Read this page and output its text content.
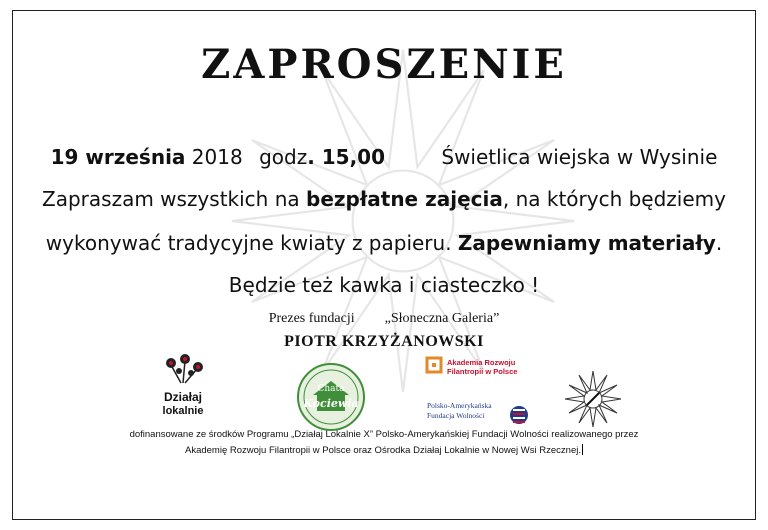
ZAPROSZENIE
19 września 2018 godz. 15,00	Świetlica wiejska w Wysinie
Zapraszam wszystkich na bezpłatne zajęcia, na których będziemy
wykonywać tradycyjne kwiaty z papieru. Zapewniamy materiały.
Będzie też kawka i ciasteczko !
Prezes fundacji „Słoneczna Galeria”
PIOTR KRZYŻANOWSKI
Działaj
lokalnie
Chata
Kociewia
Akademia Rozwoju
Filantropii w Polsce
Polsko-Amerykańska
Fundacja Wolności
dofinansowane ze środków Programu „Działaj Lokalnie X” Polsko-Amerykańskiej Fundacji Wolności realizowanego przez
Akademię Rozwoju Filantropii w Polsce oraz Ośrodka Działaj Lokalnie w Nowej Wsi Rzecznej.
